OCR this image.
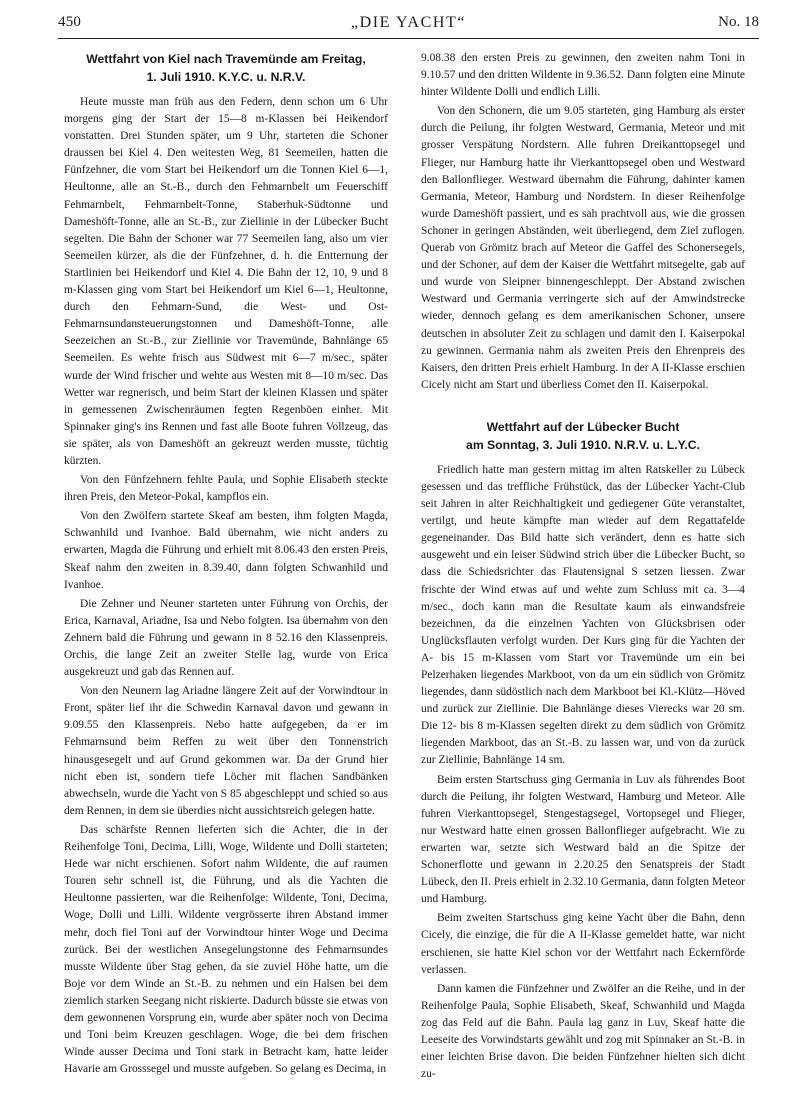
450	„DIE YACHT“	No. 18
Wettfahrt von Kiel nach Travemünde am Freitag,
1. Juli 1910. K.Y.C. u. N.R.V.

Heute musste man früh aus den Federn, denn schon um 6 Uhr morgens ging der Start der 15—8 m-Klassen bei Heikendorf vonstatten. Drei Stunden später, um 9 Uhr, starteten die Schoner draussen bei Kiel 4. Den weitesten Weg, 81 Seemeilen, hatten die Fünfzehner, die vom Start bei Heikendorf um die Tonnen Kiel 6—1, Heultonne, alle an St.-B., durch den Fehmarnbelt um Feuerschiff Fehmarnbelt, Fehmarnbelt-Tonne, Staberhuk-Südtonne und Dameshöft-Tonne, alle an St.-B., zur Ziellinie in der Lübecker Bucht segelten. Die Bahn der Schoner war 77 Seemeilen lang, also um vier Seemeilen kürzer, als die der Fünfzehner, d. h. die Entternung der Startlinien bei Heikendorf und Kiel 4. Die Bahn der 12, 10, 9 und 8 m-Klassen ging vom Start bei Heikendorf um Kiel 6—1, Heultonne, durch den Fehmarn-Sund, die West- und Ost-Fehmarnsundansteuerungstonnen und Dameshöft-Tonne, alle Seezeichen an St.-B., zur Ziellinie vor Travemünde, Bahnlänge 65 Seemeilen. Es wehte frisch aus Südwest mit 6—7 m/sec., später wurde der Wind frischer und wehte aus Westen mit 8—10 m/sec. Das Wetter war regnerisch, und beim Start der kleinen Klassen und später in gemessenen Zwischenräumen fegten Regenböen einher. Mit Spinnaker ging's ins Rennen und fast alle Boote fuhren Vollzeug, das sie später, als von Dameshöft an gekreuzt werden musste, tüchtig kürzten.

Von den Fünfzehnern fehlte Paula, und Sophie Elisabeth steckte ihren Preis, den Meteor-Pokal, kampflos ein.

Von den Zwölfern startete Skeaf am besten, ihm folgten Magda, Schwanhild und Ivanhoe. Bald übernahm, wie nicht anders zu erwarten, Magda die Führung und erhielt mit 8.06.43 den ersten Preis, Skeaf nahm den zweiten in 8.39.40, dann folgten Schwanhild und Ivanhoe.

Die Zehner und Neuner starteten unter Führung von Orchis, der Erica, Karnaval, Ariadne, Isa und Nebo folgten. Isa übernahm von den Zehnern bald die Führung und gewann in 8 52.16 den Klassenpreis. Orchis, die lange Zeit an zweiter Stelle lag, wurde von Erica ausgekreuzt und gab das Rennen auf.

Von den Neunern lag Ariadne längere Zeit auf der Vorwindtour in Front, später lief ihr die Schwedin Karnaval davon und gewann in 9.09.55 den Klassenpreis. Nebo hatte aufgegeben, da er im Fehmarnsund beim Reffen zu weit über den Tonnenstrich hinausgesegelt und auf Grund gekommen war. Da der Grund hier nicht eben ist, sondern tiefe Löcher mit flachen Sandbänken abwechseln, wurde die Yacht von S 85 abgeschleppt und schied so aus dem Rennen, in dem sie überdies nicht aussichtsreich gelegen hatte.

Das schärfste Rennen lieferten sich die Achter, die in der Reihenfolge Toni, Decima, Lilli, Woge, Wildente und Dolli starteten; Hede war nicht erschienen. Sofort nahm Wildente, die auf raumen Touren sehr schnell ist, die Führung, und als die Yachten die Heultonne passierten, war die Reihenfolge: Wildente, Toni, Decima, Woge, Dolli und Lilli. Wildente vergrösserte ihren Abstand immer mehr, doch fiel Toni auf der Vorwindtour hinter Woge und Decima zurück. Bei der westlichen Ansegelungstonne des Fehmarnsundes musste Wildente über Stag gehen, da sie zuviel Höhe hatte, um die Boje vor dem Winde an St.-B. zu nehmen und ein Halsen bei dem ziemlich starken Seegang nicht riskierte. Dadurch büsste sie etwas von dem gewonnenen Vorsprung ein, wurde aber später noch von Decima und Toni beim Kreuzen geschlagen. Woge, die bei dem frischen Winde ausser Decima und Toni stark in Betracht kam, hatte leider Havarie am Grosssegel und musste aufgeben. So gelang es Decima, in

9.08.38 den ersten Preis zu gewinnen, den zweiten nahm Toni in 9.10.57 und den dritten Wildente in 9.36.52. Dann folgten eine Minute hinter Wildente Dolli und endlich Lilli.

Von den Schonern, die um 9.05 starteten, ging Hamburg als erster durch die Peilung, ihr folgten Westward, Germania, Meteor und mit grosser Verspätung Nordstern. Alle fuhren Dreikanttopsegel und Flieger, nur Hamburg hatte ihr Vierkanttopsegel oben und Westward den Ballonflieger. Westward übernahm die Führung, dahinter kamen Germania, Meteor, Hamburg und Nordstern. In dieser Reihenfolge wurde Dameshöft passiert, und es sah prachtvoll aus, wie die grossen Schoner in geringen Abständen, weit überliegend, dem Ziel zuflogen. Querab von Grömitz brach auf Meteor die Gaffel des Schonersegels, und der Schoner, auf dem der Kaiser die Wettfahrt mitsegelte, gab auf und wurde von Sleipner binnengeschleppt. Der Abstand zwischen Westward und Germania verringerte sich auf der Amwindstrecke wieder, dennoch gelang es dem amerikanischen Schoner, unsere deutschen in absoluter Zeit zu schlagen und damit den I. Kaiserpokal zu gewinnen. Germania nahm als zweiten Preis den Ehrenpreis des Kaisers, den dritten Preis erhielt Hamburg. In der A II-Klasse erschien Cicely nicht am Start und überliess Comet den II. Kaiserpokal.

Wettfahrt auf der Lübecker Bucht
am Sonntag, 3. Juli 1910. N.R.V. u. L.Y.C.

Friedlich hatte man gestern mittag im alten Ratskeller zu Lübeck gesessen und das treffliche Frühstück, das der Lübecker Yacht-Club seit Jahren in alter Reichhaltigkeit und gediegener Güte veranstaltet, vertilgt, und heute kämpfte man wieder auf dem Regattafelde gegeneinander. Das Bild hatte sich verändert, denn es hatte sich ausgeweht und ein leiser Südwind strich über die Lübecker Bucht, so dass die Schiedsrichter das Flautensignal S setzen liessen. Zwar frischte der Wind etwas auf und wehte zum Schluss mit ca. 3—4 m/sec., doch kann man die Resultate kaum als einwandsfreie bezeichnen, da die einzelnen Yachten von Glücksbrisen oder Unglücksflauten verfolgt wurden. Der Kurs ging für die Yachten der A- bis 15 m-Klassen vom Start vor Travemünde um ein bei Pelzerhaken liegendes Markboot, von da um ein südlich von Grömitz liegendes, dann südöstlich nach dem Markboot bei Kl.-Klütz—Höved und zurück zur Ziellinie. Die Bahnlänge dieses Vierecks war 20 sm. Die 12- bis 8 m-Klassen segelten direkt zu dem südlich von Grömitz liegenden Markboot, das an St.-B. zu lassen war, und von da zurück zur Ziellinie, Bahnlänge 14 sm.

Beim ersten Startschuss ging Germania in Luv als führendes Boot durch die Peilung, ihr folgten Westward, Hamburg und Meteor. Alle fuhren Vierkanttopsegel, Stengestagsegel, Vortopsegel und Flieger, nur Westward hatte einen grossen Ballonflieger aufgebracht. Wie zu erwarten war, setzte sich Westward bald an die Spitze der Schonerflotte und gewann in 2.20.25 den Senatspreis der Stadt Lübeck, den II. Preis erhielt in 2.32.10 Germania, dann folgten Meteor und Hamburg.

Beim zweiten Startschuss ging keine Yacht über die Bahn, denn Cicely, die einzige, die für die A II-Klasse gemeldet hatte, war nicht erschienen, sie hatte Kiel schon vor der Wettfahrt nach Eckernförde verlassen.

Dann kamen die Fünfzehner und Zwölfer an die Reihe, und in der Reihenfolge Paula, Sophie Elisabeth, Skeaf, Schwanhild und Magda zog das Feld auf die Bahn. Paula lag ganz in Luv, Skeaf hatte die Leeseite des Vorwindstarts gewählt und zog mit Spinnaker an St.-B. in einer leichten Brise davon. Die beiden Fünfzehner hielten sich dicht zu-
